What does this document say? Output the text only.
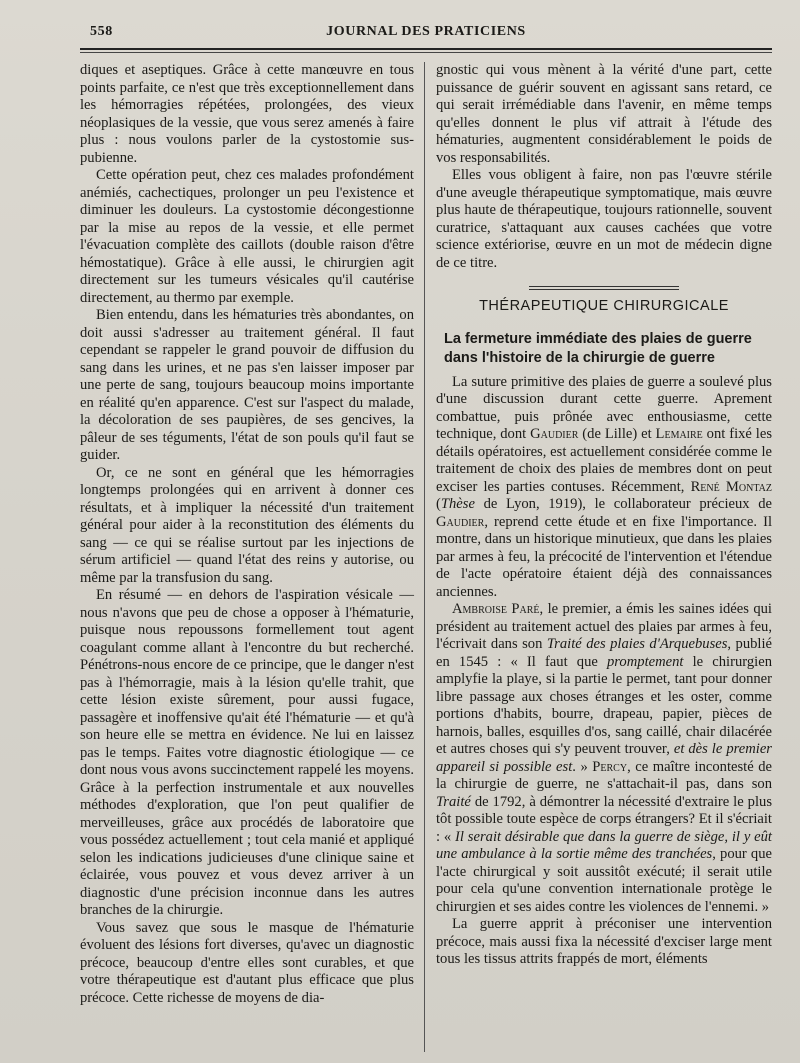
558	JOURNAL DES PRATICIENS

diques et aseptiques. Grâce à cette manœuvre en tous points parfaite, ce n'est que très exceptionnellement dans les hémorragies répétées, prolongées, des vieux néoplasiques de la vessie, que vous serez amenés à faire plus : nous voulons parler de la cystostomie sus-pubienne.

Cette opération peut, chez ces malades profondément anémiés, cachectiques, prolonger un peu l'existence et diminuer les douleurs. La cystostomie décongestionne par la mise au repos de la vessie, et elle permet l'évacuation complète des caillots (double raison d'être hémostatique). Grâce à elle aussi, le chirurgien agit directement sur les tumeurs vésicales qu'il cautérise directement, au thermo par exemple.

Bien entendu, dans les hématuries très abondantes, on doit aussi s'adresser au traitement général. Il faut cependant se rappeler le grand pouvoir de diffusion du sang dans les urines, et ne pas s'en laisser imposer par une perte de sang, toujours beaucoup moins importante en réalité qu'en apparence. C'est sur l'aspect du malade, la décoloration de ses paupières, de ses gencives, la pâleur de ses téguments, l'état de son pouls qu'il faut se guider.

Or, ce ne sont en général que les hémorragies longtemps prolongées qui en arrivent à donner ces résultats, et à impliquer la nécessité d'un traitement général pour aider à la reconstitution des éléments du sang — ce qui se réalise surtout par les injections de sérum artificiel — quand l'état des reins y autorise, ou même par la transfusion du sang.

En résumé — en dehors de l'aspiration vésicale — nous n'avons que peu de chose a opposer à l'hématurie, puisque nous repoussons formellement tout agent coagulant comme allant à l'encontre du but recherché. Pénétrons-nous encore de ce principe, que le danger n'est pas à l'hémorragie, mais à la lésion qu'elle trahit, que cette lésion existe sûrement, pour aussi fugace, passagère et inoffensive qu'ait été l'hématurie — et qu'à son heure elle se mettra en évidence. Ne lui en laissez pas le temps. Faites votre diagnostic étiologique — ce dont nous vous avons succinctement rappelé les moyens. Grâce à la perfection instrumentale et aux nouvelles méthodes d'exploration, que l'on peut qualifier de merveilleuses, grâce aux procédés de laboratoire que vous possédez actuellement ; tout cela manié et appliqué selon les indications judicieuses d'une clinique saine et éclairée, vous pouvez et vous devez arriver à un diagnostic d'une précision inconnue dans les autres branches de la chirurgie.

Vous savez que sous le masque de l'hématurie évoluent des lésions fort diverses, qu'avec un diagnostic précoce, beaucoup d'entre elles sont curables, et que votre thérapeutique est d'autant plus efficace que plus précoce. Cette richesse de moyens de dia-

gnostic qui vous mènent à la vérité d'une part, cette puissance de guérir souvent en agissant sans retard, ce qui serait irrémédiable dans l'avenir, en même temps qu'elles donnent le plus vif attrait à l'étude des hématuries, augmentent considérablement le poids de vos responsabilités.

Elles vous obligent à faire, non pas l'œuvre stérile d'une aveugle thérapeutique symptomatique, mais œuvre plus haute de thérapeutique, toujours rationnelle, souvent curatrice, s'attaquant aux causes cachées que votre science extériorise, œuvre en un mot de médecin digne de ce titre.

THÉRAPEUTIQUE CHIRURGICALE
La fermeture immédiate des plaies de guerre
dans l'histoire de la chirurgie de guerre

La suture primitive des plaies de guerre a soulevé plus d'une discussion durant cette guerre. Aprement combattue, puis prônée avec enthousiasme, cette technique, dont Gaudier (de Lille) et Lemaire ont fixé les détails opératoires, est actuellement considérée comme le traitement de choix des plaies de membres dont on peut exciser les parties contuses. Récemment, René Montaz (Thèse de Lyon, 1919), le collaborateur précieux de Gaudier, reprend cette étude et en fixe l'importance. Il montre, dans un historique minutieux, que dans les plaies par armes à feu, la précocité de l'intervention et l'étendue de l'acte opératoire étaient déjà des connaissances anciennes.

Ambroise Paré, le premier, a émis les saines idées qui président au traitement actuel des plaies par armes à feu, l'écrivait dans son Traité des plaies d'Arquebuses, publié en 1545 : « Il faut que promptement le chirurgien amplyfie la playe, si la partie le permet, tant pour donner libre passage aux choses étranges et les oster, comme portions d'habits, bourre, drapeau, papier, pièces de harnois, balles, esquilles d'os, sang caillé, chair dilacérée et autres choses qui s'y peuvent trouver, et dès le premier appareil si possible est. » Percy, ce maître incontesté de la chirurgie de guerre, ne s'attachait-il pas, dans son Traité de 1792, à démontrer la nécessité d'extraire le plus tôt possible toute espèce de corps étrangers? Et il s'écriait : « Il serait désirable que dans la guerre de siège, il y eût une ambulance à la sortie même des tranchées, pour que l'acte chirurgical y soit aussitôt exécuté; il serait utile pour cela qu'une convention internationale protège le chirurgien et ses aides contre les violences de l'ennemi. »

La guerre apprit à préconiser une intervention précoce, mais aussi fixa la nécessité d'exciser large ment tous les tissus attrits frappés de mort, éléments
